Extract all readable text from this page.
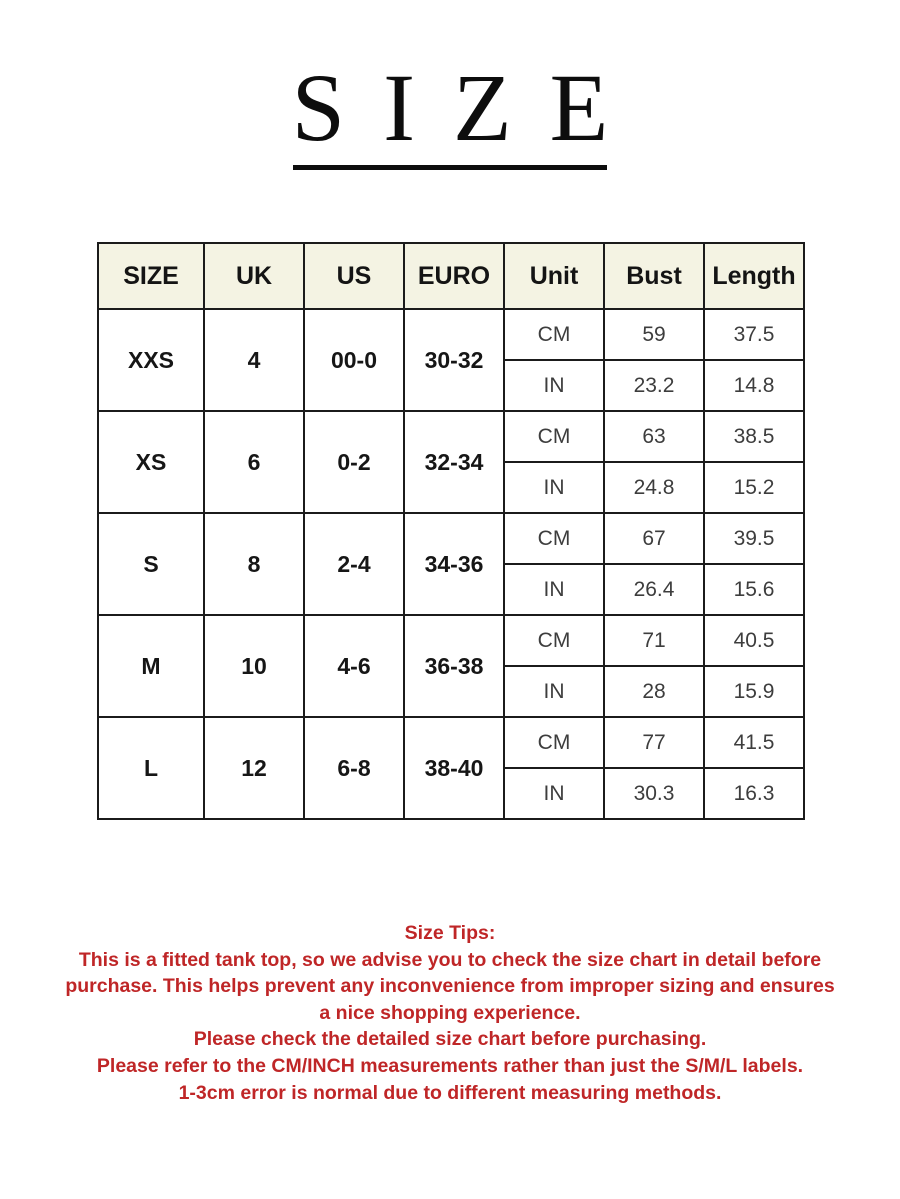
SIZE
SIZE	UK	US	EURO	Unit	Bust	Length
XXS	4	00-0	30-32	CM	59	37.5
				IN	23.2	14.8
XS	6	0-2	32-34	CM	63	38.5
				IN	24.8	15.2
S	8	2-4	34-36	CM	67	39.5
				IN	26.4	15.6
M	10	4-6	36-38	CM	71	40.5
				IN	28	15.9
L	12	6-8	38-40	CM	77	41.5
				IN	30.3	16.3
Size Tips:
This is a fitted tank top, so we advise you to check the size chart in detail before
purchase. This helps prevent any inconvenience from improper sizing and ensures
a nice shopping experience.
Please check the detailed size chart before purchasing.
Please refer to the CM/INCH measurements rather than just the S/M/L labels.
1-3cm error is normal due to different measuring methods.
